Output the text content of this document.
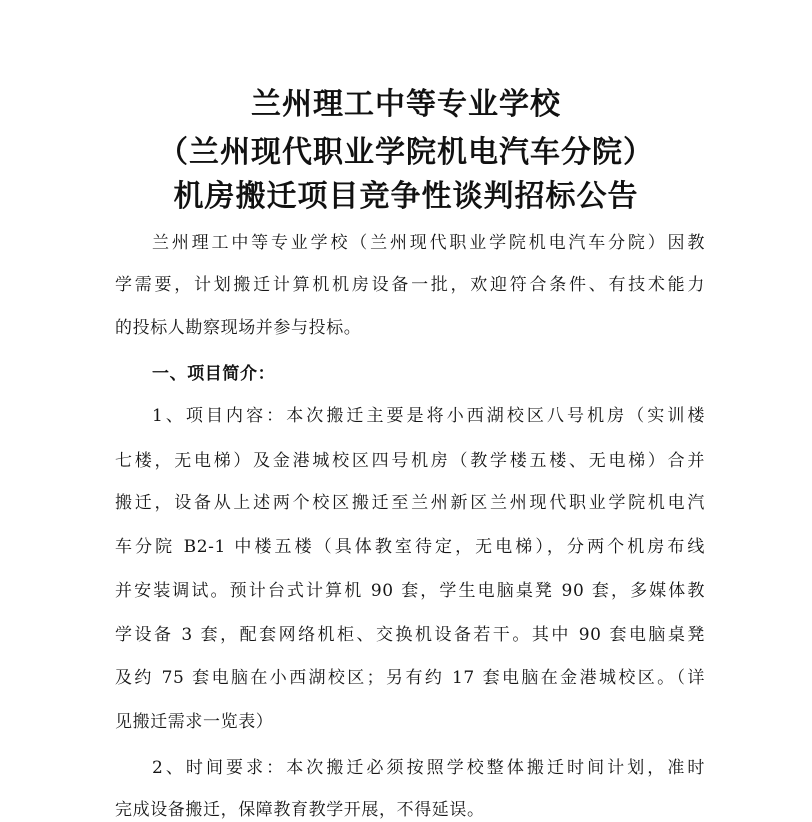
兰州理工中等专业学校
（兰州现代职业学院机电汽车分院）
机房搬迁项目竞争性谈判招标公告
兰州理工中等专业学校（兰州现代职业学院机电汽车分院）因教
学需要，计划搬迁计算机机房设备一批，欢迎符合条件、有技术能力
的投标人勘察现场并参与投标。
一、项目简介：
1、项目内容：本次搬迁主要是将小西湖校区八号机房（实训楼
七楼，无电梯）及金港城校区四号机房（教学楼五楼、无电梯）合并
搬迁，设备从上述两个校区搬迁至兰州新区兰州现代职业学院机电汽
车分院 B2-1 中楼五楼（具体教室待定，无电梯），分两个机房布线
并安装调试。预计台式计算机 90 套，学生电脑桌凳 90 套，多媒体教
学设备 3 套，配套网络机柜、交换机设备若干。其中 90 套电脑桌凳
及约 75 套电脑在小西湖校区；另有约 17 套电脑在金港城校区。（详
见搬迁需求一览表）
2、时间要求：本次搬迁必须按照学校整体搬迁时间计划，准时
完成设备搬迁，保障教育教学开展，不得延误。
